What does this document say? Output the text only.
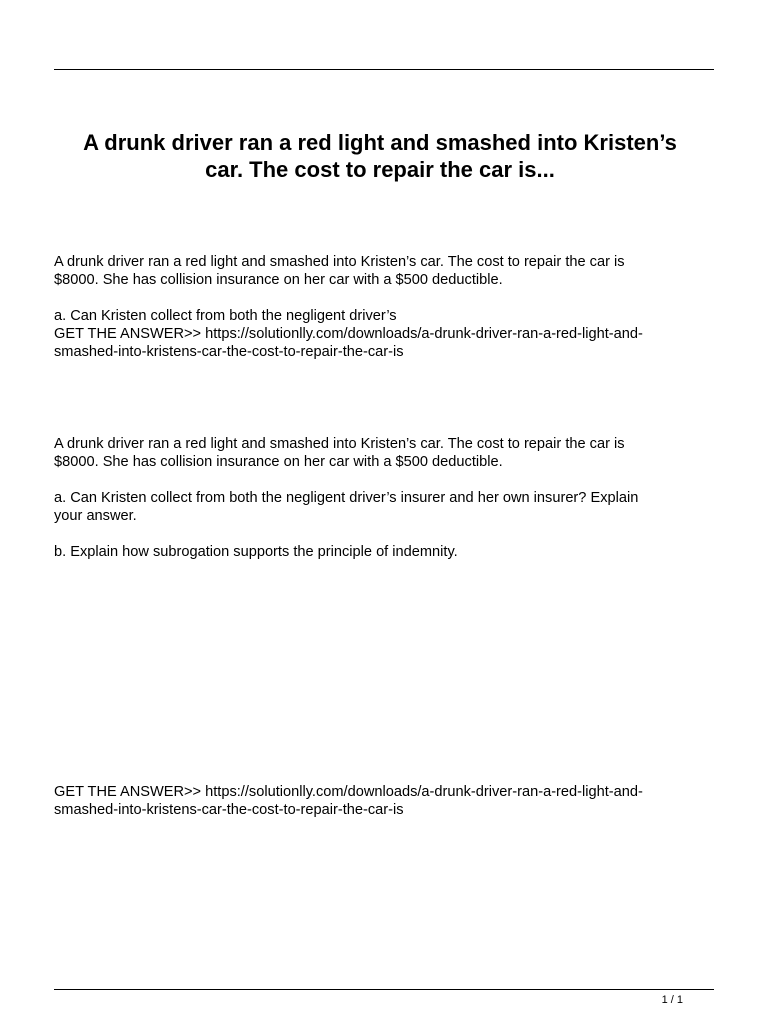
A drunk driver ran a red light and smashed into Kristen’s
car. The cost to repair the car is...

A drunk driver ran a red light and smashed into Kristen’s car. The cost to repair the car is

$8000. She has collision insurance on her car with a $500 deductible.

a. Can Kristen collect from both the negligent driver’s

GET THE ANSWER>> https://solutionlly.com/downloads/a-drunk-driver-ran-a-red-light-and-

smashed-into-kristens-car-the-cost-to-repair-the-car-is

A drunk driver ran a red light and smashed into Kristen’s car. The cost to repair the car is

$8000. She has collision insurance on her car with a $500 deductible.

a. Can Kristen collect from both the negligent driver’s insurer and her own insurer? Explain

your answer.

b. Explain how subrogation supports the principle of indemnity.

GET THE ANSWER>> https://solutionlly.com/downloads/a-drunk-driver-ran-a-red-light-and-

smashed-into-kristens-car-the-cost-to-repair-the-car-is

1 / 1
